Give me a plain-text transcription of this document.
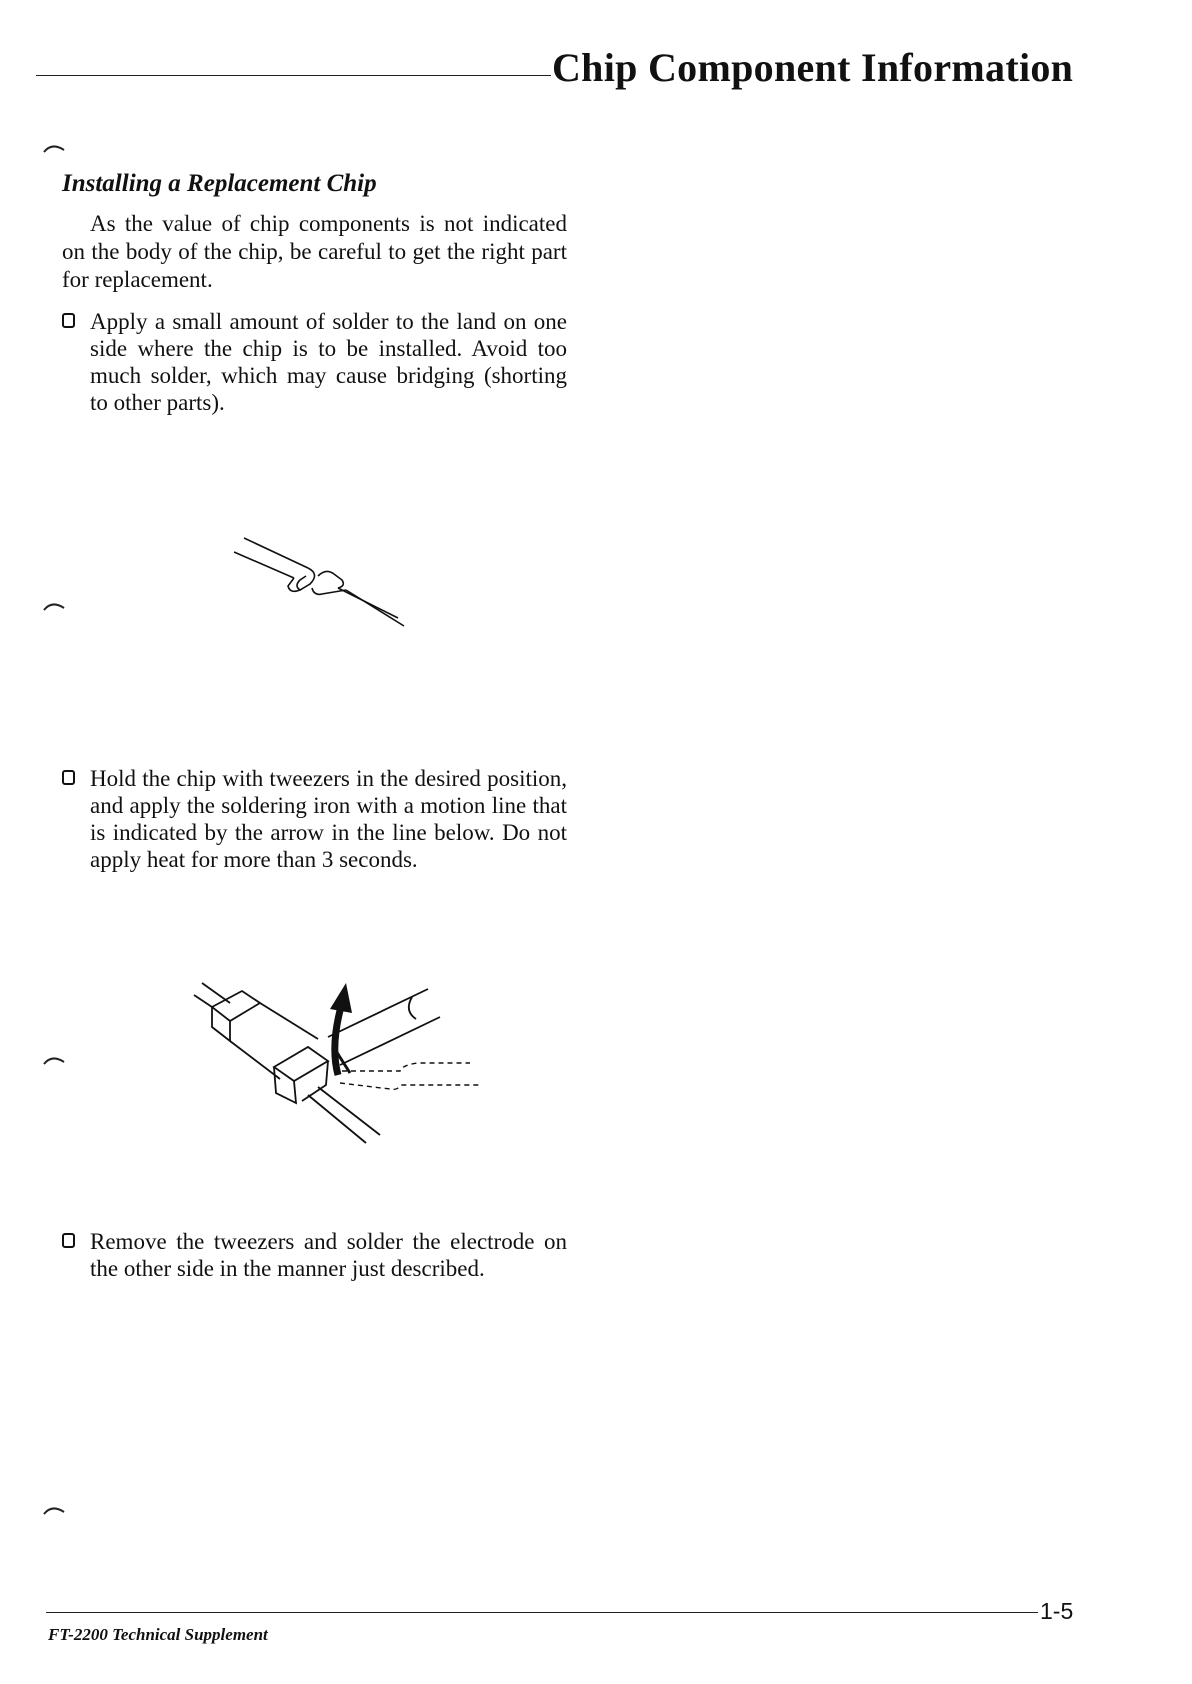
Chip Component Information
Installing a Replacement Chip
As the value of chip components is not indicated on the body of the chip, be careful to get the right part for replacement.
Apply a small amount of solder to the land on one side where the chip is to be installed. Avoid too much solder, which may cause bridging (shorting to other parts).
Hold the chip with tweezers in the desired position, and apply the soldering iron with a motion line that is indicated by the arrow in the line below. Do not apply heat for more than 3 seconds.
Remove the tweezers and solder the electrode on the other side in the manner just described.
1-5
FT-2200 Technical Supplement
